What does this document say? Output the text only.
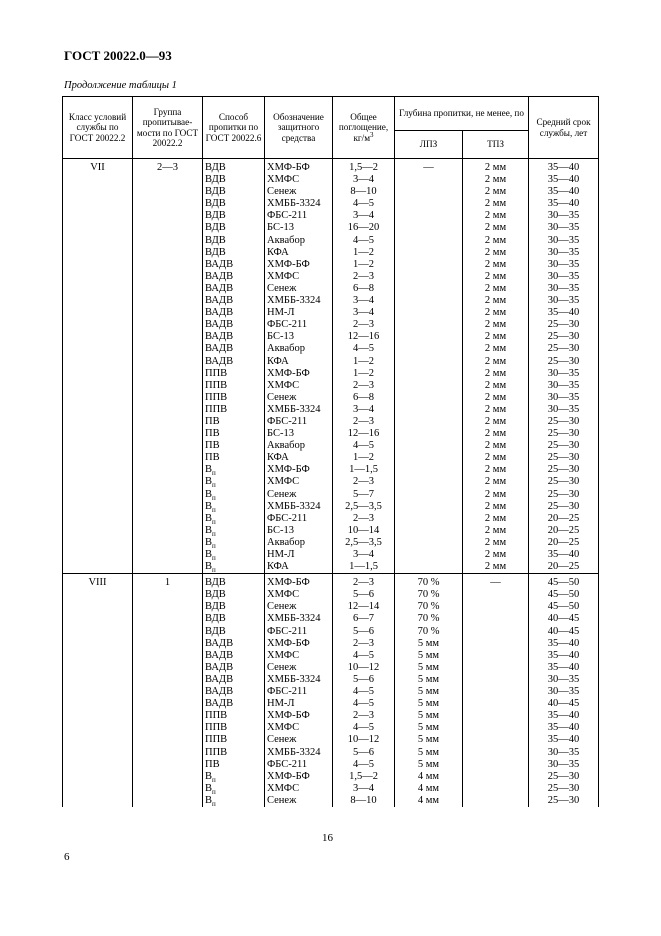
ГОСТ 20022.0—93
Продолжение таблицы 1
Класс условий службы по ГОСТ 20022.2	Группа пропитывае-мости по ГОСТ 20022.2	Способ пропитки по ГОСТ 20022.6	Обозначение защитного средства	Общее поглощение, $кг/м^3$	Глубина пропитки, не менее, по		Средний срок службы, лет
					ЛПЗ	ТПЗ	
VII	2—3	ВДВ	ХМФ-БФ	1,5—2	—	2 мм	35—40
		ВДВ	ХМФС	3—4		2 мм	35—40
		ВДВ	Сенеж	8—10		2 мм	35—40
		ВДВ	ХМББ-3324	4—5		2 мм	35—40
		ВДВ	ФБС-211	3—4		2 мм	30—35
		ВДВ	БС-13	16—20		2 мм	30—35
		ВДВ	Аквабор	4—5		2 мм	30—35
		ВДВ	КФА	1—2		2 мм	30—35
		ВАДВ	ХМФ-БФ	1—2		2 мм	30—35
		ВАДВ	ХМФС	2—3		2 мм	30—35
		ВАДВ	Сенеж	6—8		2 мм	30—35
		ВАДВ	ХМББ-3324	3—4		2 мм	30—35
		ВАДВ	НМ-Л	3—4		2 мм	35—40
		ВАДВ	ФБС-211	2—3		2 мм	25—30
		ВАДВ	БС-13	12—16		2 мм	25—30
		ВАДВ	Аквабор	4—5		2 мм	25—30
		ВАДВ	КФА	1—2		2 мм	25—30
		ППВ	ХМФ-БФ	1—2		2 мм	30—35
		ППВ	ХМФС	2—3		2 мм	30—35
		ППВ	Сенеж	6—8		2 мм	30—35
		ППВ	ХМББ-3324	3—4		2 мм	30—35
		ПВ	ФБС-211	2—3		2 мм	25—30
		ПВ	БС-13	12—16		2 мм	25—30
		ПВ	Аквабор	4—5		2 мм	25—30
		ПВ	КФА	1—2		2 мм	25—30
		$В_п$	ХМФ-БФ	1—1,5		2 мм	25—30
		$В_п$	ХМФС	2—3		2 мм	25—30
		$В_п$	Сенеж	5—7		2 мм	25—30
		$В_п$	ХМББ-3324	2,5—3,5		2 мм	25—30
		$В_п$	ФБС-211	2—3		2 мм	20—25
		$В_п$	БС-13	10—14		2 мм	20—25
		$В_п$	Аквабор	2,5—3,5		2 мм	20—25
		$В_п$	НМ-Л	3—4		2 мм	35—40
		$В_п$	КФА	1—1,5		2 мм	20—25
VIII	1	ВДВ	ХМФ-БФ	2—3	70 %	—	45—50
		ВДВ	ХМФС	5—6	70 %		45—50
		ВДВ	Сенеж	12—14	70 %		45—50
		ВДВ	ХМББ-3324	6—7	70 %		40—45
		ВДВ	ФБС-211	5—6	70 %		40—45
		ВАДВ	ХМФ-БФ	2—3	5 мм		35—40
		ВАДВ	ХМФС	4—5	5 мм		35—40
		ВАДВ	Сенеж	10—12	5 мм		35—40
		ВАДВ	ХМББ-3324	5—6	5 мм		30—35
		ВАДВ	ФБС-211	4—5	5 мм		30—35
		ВАДВ	НМ-Л	4—5	5 мм		40—45
		ППВ	ХМФ-БФ	2—3	5 мм		35—40
		ППВ	ХМФС	4—5	5 мм		35—40
		ППВ	Сенеж	10—12	5 мм		35—40
		ППВ	ХМББ-3324	5—6	5 мм		30—35
		ПВ	ФБС-211	4—5	5 мм		30—35
		$В_п$	ХМФ-БФ	1,5—2	4 мм		25—30
		$В_п$	ХМФС	3—4	4 мм		25—30
		$В_п$	Сенеж	8—10	4 мм		25—30
6
16
